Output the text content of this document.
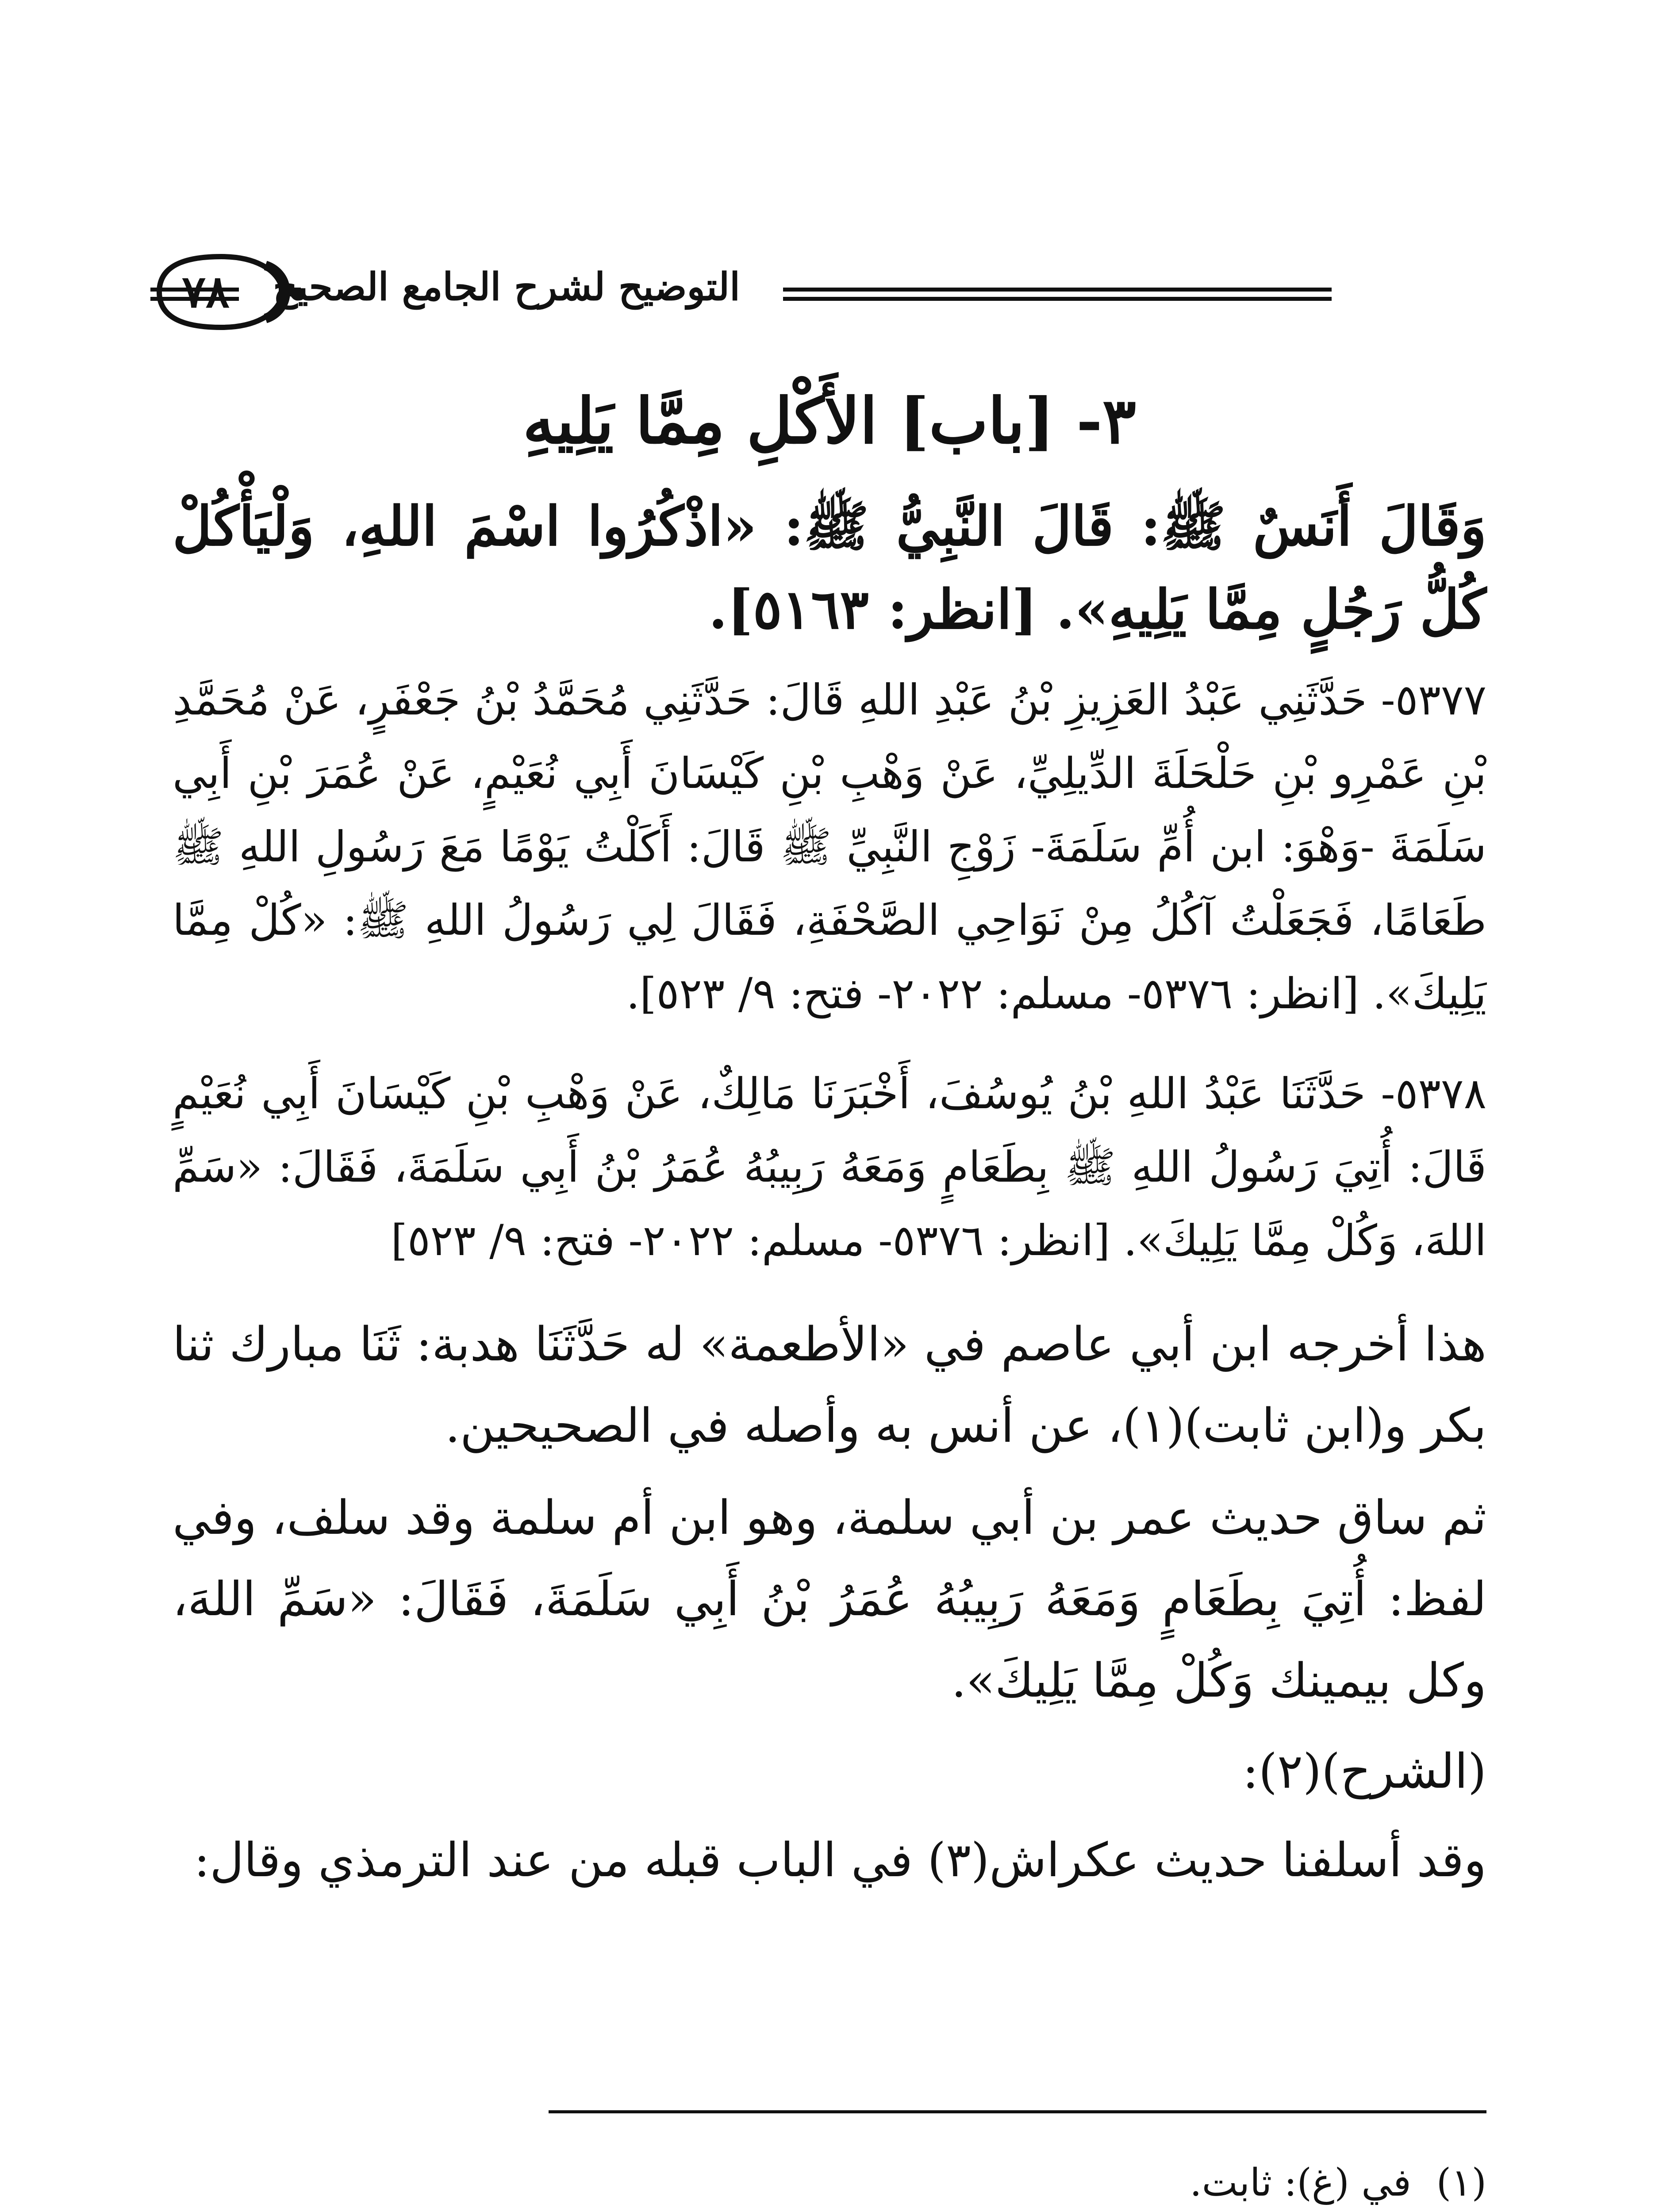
التوضيح لشرح الجامع الصحيح
٧٨
٣- [باب] الأَكْلِ مِمَّا يَلِيهِ

وَقَالَ أَنَسٌ ﷺ: قَالَ النَّبِيُّ ﷺ: «اذْكُرُوا اسْمَ اللهِ، وَلْيَأْكُلْ كُلُّ رَجُلٍ مِمَّا يَلِيهِ». [انظر: ٥١٦٣].

٥٣٧٧- حَدَّثَنِي عَبْدُ العَزِيزِ بْنُ عَبْدِ اللهِ قَالَ: حَدَّثَنِي مُحَمَّدُ بْنُ جَعْفَرٍ، عَنْ مُحَمَّدِ بْنِ عَمْرِو بْنِ حَلْحَلَةَ الدِّيلِيِّ، عَنْ وَهْبِ بْنِ كَيْسَانَ أَبِي نُعَيْمٍ، عَنْ عُمَرَ بْنِ أَبِي سَلَمَةَ -وَهْوَ: ابن أُمِّ سَلَمَةَ- زَوْجِ النَّبِيِّ ﷺ قَالَ: أَكَلْتُ يَوْمًا مَعَ رَسُولِ اللهِ ﷺ طَعَامًا، فَجَعَلْتُ آكُلُ مِنْ نَوَاحِي الصَّحْفَةِ، فَقَالَ لِي رَسُولُ اللهِ ﷺ: «كُلْ مِمَّا يَلِيكَ». [انظر: ٥٣٧٦- مسلم: ٢٠٢٢- فتح: ٩/ ٥٢٣].

٥٣٧٨- حَدَّثَنَا عَبْدُ اللهِ بْنُ يُوسُفَ، أَخْبَرَنَا مَالِكٌ، عَنْ وَهْبِ بْنِ كَيْسَانَ أَبِي نُعَيْمٍ قَالَ: أُتِيَ رَسُولُ اللهِ ﷺ بِطَعَامٍ وَمَعَهُ رَبِيبُهُ عُمَرُ بْنُ أَبِي سَلَمَةَ، فَقَالَ: «سَمِّ اللهَ، وَكُلْ مِمَّا يَلِيكَ». [انظر: ٥٣٧٦- مسلم: ٢٠٢٢- فتح: ٩/ ٥٢٣]

هذا أخرجه ابن أبي عاصم في «الأطعمة» له حَدَّثَنَا هدبة: ثَنَا مبارك ثنا بكر و(ابن ثابت)(١)، عن أنس به وأصله في الصحيحين.

ثم ساق حديث عمر بن أبي سلمة، وهو ابن أم سلمة وقد سلف، وفي لفظ: أُتِيَ بِطَعَامٍ وَمَعَهُ رَبِيبُهُ عُمَرُ بْنُ أَبِي سَلَمَةَ، فَقَالَ: «سَمِّ اللهَ، وكل بيمينك وَكُلْ مِمَّا يَلِيكَ».

(الشرح)(٢):

وقد أسلفنا حديث عكراش(٣) في الباب قبله من عند الترمذي وقال:

(١)
في (غ): ثابت.
